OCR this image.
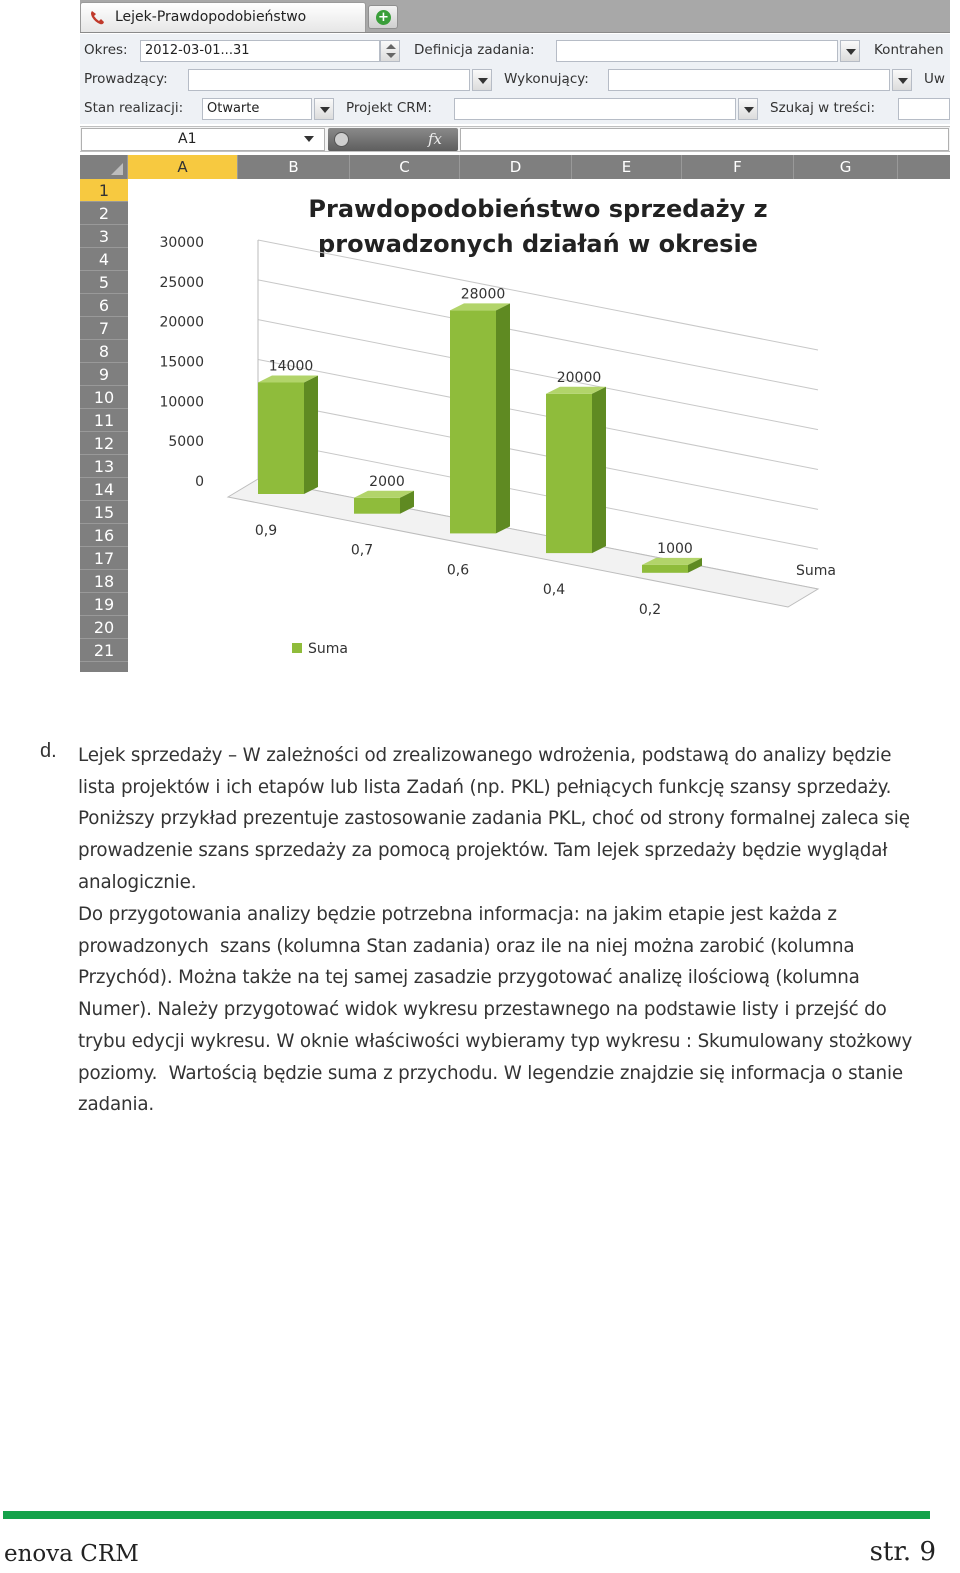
Lejek-Prawdopodobieństwo	+
Okres:	2012-03-01...31	Definicja zadania:	Kontrahen
Prowadzący:	Wykonujący:	Uw
Stan realizacji:	Otwarte	Projekt CRM:	Szukaj w treści:
A1	fx
A	B	C	D	E	F	G
1
2
3
4
5
6
7
8
9
10
11
12
13
14
15
16
17
18
19
20
21
Prawdopodobieństwo sprzedaży z
prowadzonych działań w okresie
30000
25000
20000
15000
10000
5000
0
14000
0,9
2000
0,7
28000
0,6
20000
0,4
1000
0,2
Suma
Suma
d. Lejek sprzedaży – W zależności od zrealizowanego wdrożenia, podstawą do analizy będzie
lista projektów i ich etapów lub lista Zadań (np. PKL) pełniących funkcję szansy sprzedaży.
Poniższy przykład prezentuje zastosowanie zadania PKL, choć od strony formalnej zaleca się
prowadzenie szans sprzedaży za pomocą projektów. Tam lejek sprzedaży będzie wyglądał
analogicznie.
Do przygotowania analizy będzie potrzebna informacja: na jakim etapie jest każda z
prowadzonych  szans (kolumna Stan zadania) oraz ile na niej można zarobić (kolumna
Przychód). Można także na tej samej zasadzie przygotować analizę ilościową (kolumna
Numer). Należy przygotować widok wykresu przestawnego na podstawie listy i przejść do
trybu edycji wykresu. W oknie właściwości wybieramy typ wykresu : Skumulowany stożkowy
poziomy.  Wartością będzie suma z przychodu. W legendzie znajdzie się informacja o stanie
zadania.
enova CRM	str. 9
